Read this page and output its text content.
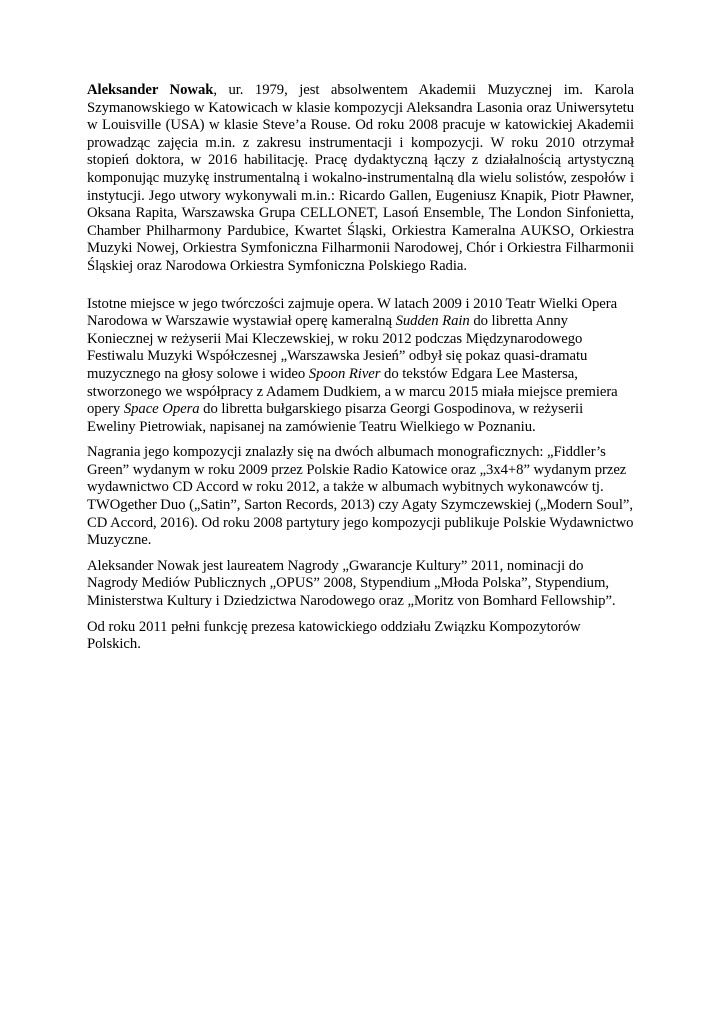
Aleksander Nowak, ur. 1979, jest absolwentem Akademii Muzycznej im. Karola Szymanowskiego w Katowicach w klasie kompozycji Aleksandra Lasonia oraz Uniwersytetu w Louisville (USA) w klasie Steve’a Rouse. Od roku 2008 pracuje w katowickiej Akademii prowadząc zajęcia m.in. z zakresu instrumentacji i kompozycji. W roku 2010 otrzymał stopień doktora, w 2016 habilitację. Pracę dydaktyczną łączy z działalnością artystyczną komponując muzykę instrumentalną i wokalno-instrumentalną dla wielu solistów, zespołów i instytucji. Jego utwory wykonywali m.in.: Ricardo Gallen, Eugeniusz Knapik, Piotr Pławner, Oksana Rapita, Warszawska Grupa CELLONET, Lasoń Ensemble, The London Sinfonietta, Chamber Philharmony Pardubice, Kwartet Śląski, Orkiestra Kameralna AUKSO, Orkiestra Muzyki Nowej, Orkiestra Symfoniczna Filharmonii Narodowej, Chór i Orkiestra Filharmonii Śląskiej oraz Narodowa Orkiestra Symfoniczna Polskiego Radia.

Istotne miejsce w jego twórczości zajmuje opera. W latach 2009 i 2010 Teatr Wielki Opera Narodowa w Warszawie wystawiał operę kameralną Sudden Rain do libretta Anny Koniecznej w reżyserii Mai Kleczewskiej, w roku 2012 podczas Międzynarodowego Festiwalu Muzyki Współczesnej „Warszawska Jesień” odbył się pokaz quasi-dramatu muzycznego na głosy solowe i wideo Spoon River do tekstów Edgara Lee Mastersa, stworzonego we współpracy z Adamem Dudkiem, a w marcu 2015 miała miejsce premiera opery Space Opera do libretta bułgarskiego pisarza Georgi Gospodinova, w reżyserii Eweliny Pietrowiak, napisanej na zamówienie Teatru Wielkiego w Poznaniu.

Nagrania jego kompozycji znalazły się na dwóch albumach monograficznych: „Fiddler’s Green” wydanym w roku 2009 przez Polskie Radio Katowice oraz „3x4+8” wydanym przez wydawnictwo CD Accord w roku 2012, a także w albumach wybitnych wykonawców tj. TWOgether Duo („Satin”, Sarton Records, 2013) czy Agaty Szymczewskiej („Modern Soul”, CD Accord, 2016). Od roku 2008 partytury jego kompozycji publikuje Polskie Wydawnictwo Muzyczne.

Aleksander Nowak jest laureatem Nagrody „Gwarancje Kultury” 2011, nominacji do Nagrody Mediów Publicznych „OPUS” 2008, Stypendium „Młoda Polska”, Stypendium, Ministerstwa Kultury i Dziedzictwa Narodowego oraz „Moritz von Bomhard Fellowship”.

Od roku 2011 pełni funkcję prezesa katowickiego oddziału Związku Kompozytorów Polskich.
